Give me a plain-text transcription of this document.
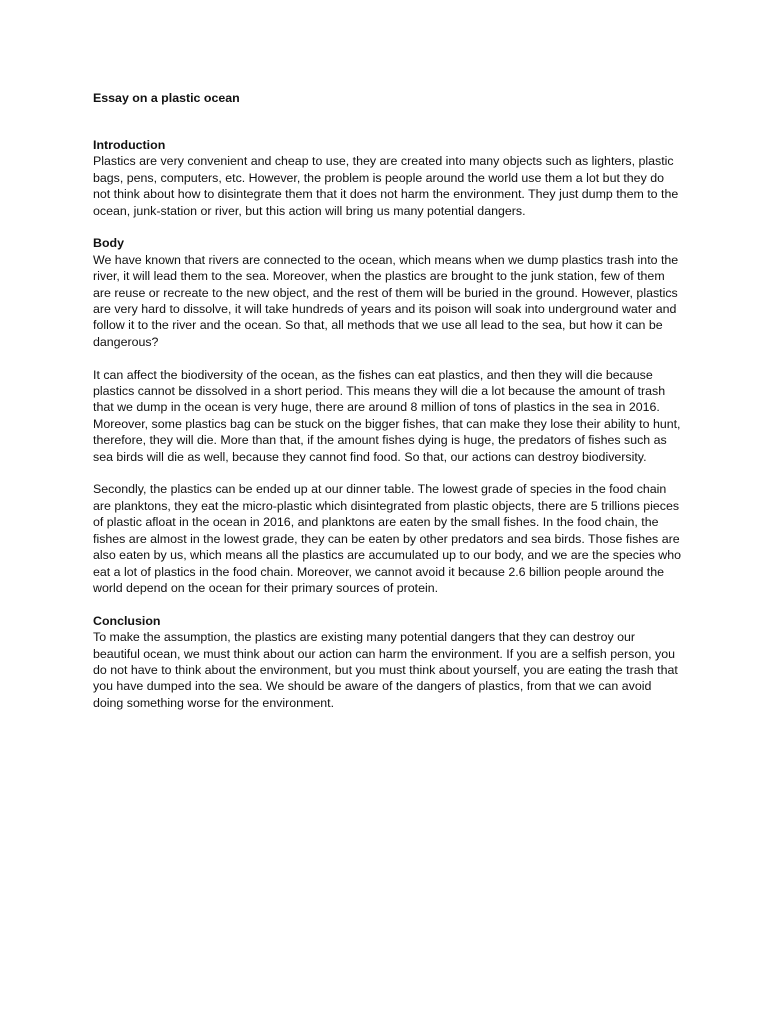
Essay on a plastic ocean
Introduction

Plastics are very convenient and cheap to use, they are created into many objects such as lighters, plastic bags, pens, computers, etc. However, the problem is people around the world use them a lot but they do not think about how to disintegrate them that it does not harm the environment. They just dump them to the ocean, junk-station or river, but this action will bring us many potential dangers.

Body

We have known that rivers are connected to the ocean, which means when we dump plastics trash into the river, it will lead them to the sea. Moreover, when the plastics are brought to the junk station, few of them are reuse or recreate to the new object, and the rest of them will be buried in the ground. However, plastics are very hard to dissolve, it will take hundreds of years and its poison will soak into underground water and follow it to the river and the ocean. So that, all methods that we use all lead to the sea, but how it can be dangerous?

It can affect the biodiversity of the ocean, as the fishes can eat plastics, and then they will die because plastics cannot be dissolved in a short period. This means they will die a lot because the amount of trash that we dump in the ocean is very huge, there are around 8 million of tons of plastics in the sea in 2016. Moreover, some plastics bag can be stuck on the bigger fishes, that can make they lose their ability to hunt, therefore, they will die. More than that, if the amount fishes dying is huge, the predators of fishes such as sea birds will die as well, because they cannot find food. So that, our actions can destroy biodiversity.

Secondly, the plastics can be ended up at our dinner table. The lowest grade of species in the food chain are planktons, they eat the micro-plastic which disintegrated from plastic objects, there are 5 trillions pieces of plastic afloat in the ocean in 2016, and planktons are eaten by the small fishes. In the food chain, the fishes are almost in the lowest grade, they can be eaten by other predators and sea birds. Those fishes are also eaten by us, which means all the plastics are accumulated up to our body, and we are the species who eat a lot of plastics in the food chain. Moreover, we cannot avoid it because 2.6 billion people around the world depend on the ocean for their primary sources of protein.

Conclusion

To make the assumption, the plastics are existing many potential dangers that they can destroy our beautiful ocean, we must think about our action can harm the environment. If you are a selfish person, you do not have to think about the environment, but you must think about yourself, you are eating the trash that you have dumped into the sea. We should be aware of the dangers of plastics, from that we can avoid doing something worse for the environment.
